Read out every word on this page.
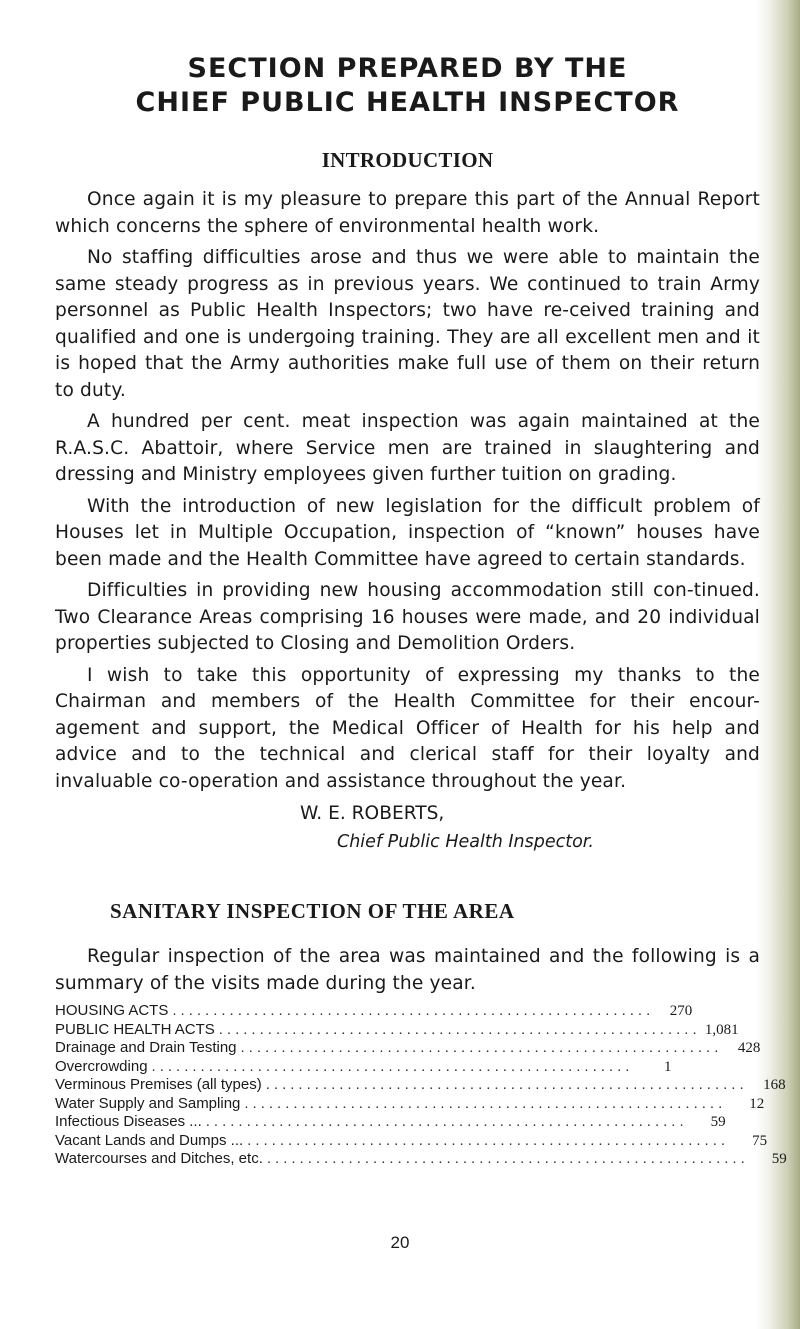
SECTION PREPARED BY THE
CHIEF PUBLIC HEALTH INSPECTOR
INTRODUCTION

Once again it is my pleasure to prepare this part of the Annual Report which concerns the sphere of environmental health work.

No staffing difficulties arose and thus we were able to maintain the same steady progress as in previous years. We continued to train Army personnel as Public Health Inspectors; two have re-ceived training and qualified and one is undergoing training. They are all excellent men and it is hoped that the Army authorities make full use of them on their return to duty.

A hundred per cent. meat inspection was again maintained at the R.A.S.C. Abattoir, where Service men are trained in slaughtering and dressing and Ministry employees given further tuition on grading.

With the introduction of new legislation for the difficult problem of Houses let in Multiple Occupation, inspection of “known” houses have been made and the Health Committee have agreed to certain standards.

Difficulties in providing new housing accommodation still con-tinued. Two Clearance Areas comprising 16 houses were made, and 20 individual properties subjected to Closing and Demolition Orders.

I wish to take this opportunity of expressing my thanks to the Chairman and members of the Health Committee for their encour-agement and support, the Medical Officer of Health for his help and advice and to the technical and clerical staff for their loyalty and invaluable co-operation and assistance throughout the year.

W. E. ROBERTS,
Chief Public Health Inspector.
SANITARY INSPECTION OF THE AREA

Regular inspection of the area was maintained and the following is a summary of the visits made during the year.

HOUSING ACTS ...........................................................	270
PUBLIC HEALTH ACTS ........................................................... 1,081
Drainage and Drain Testing ...........................................................	428
Overcrowding ...........................................................	1
Verminous Premises (all types) ...........................................................	168
Water Supply and Sampling ...........................................................	12
Infectious Diseases ... ...........................................................	59
Vacant Lands and Dumps ... ...........................................................	75
Watercourses and Ditches, etc. ...........................................................	59
20
